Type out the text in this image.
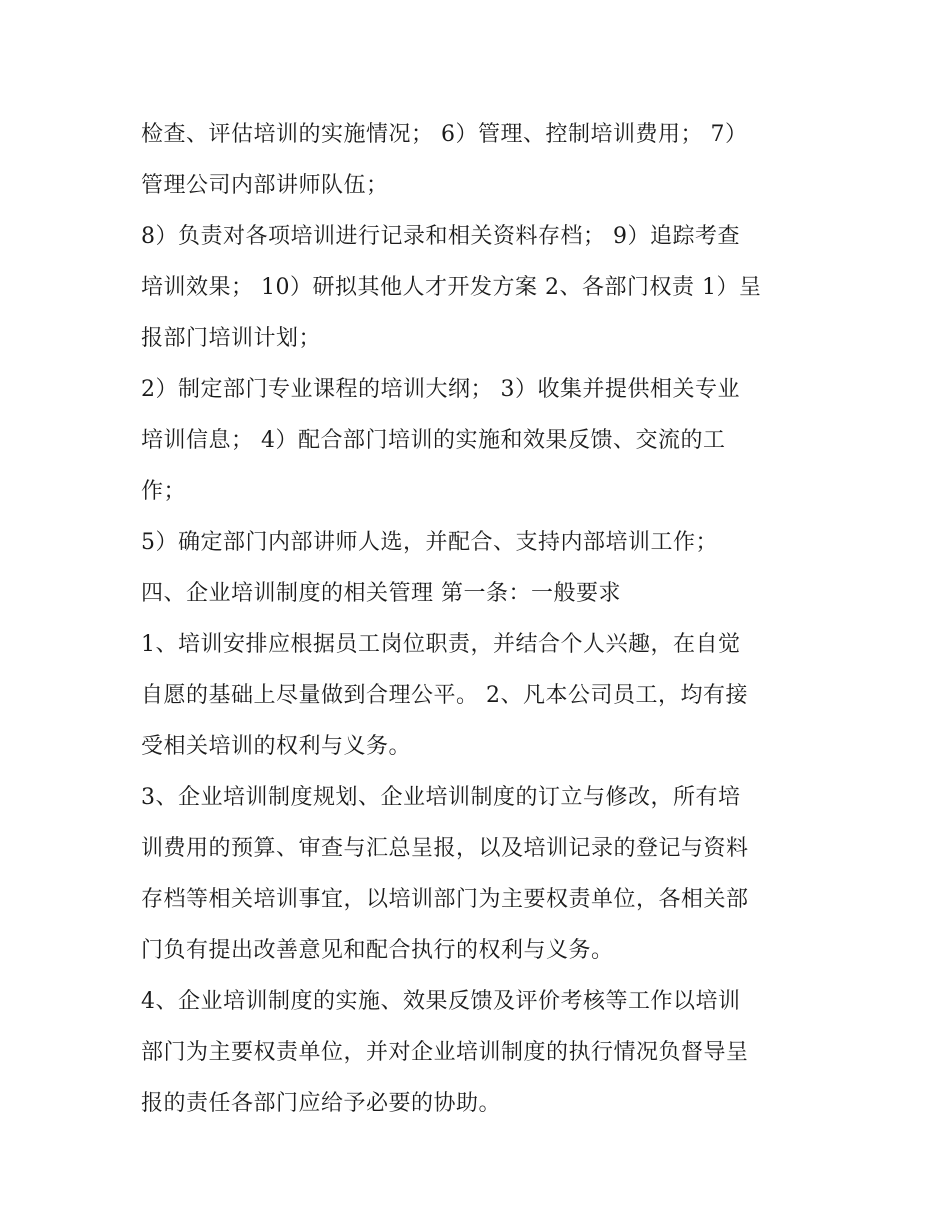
检查、评估培训的实施情况； 6）管理、控制培训费用； 7）
管理公司内部讲师队伍；
8）负责对各项培训进行记录和相关资料存档； 9）追踪考查
培训效果； 10）研拟其他人才开发方案 2、各部门权责 1）呈
报部门培训计划；
2）制定部门专业课程的培训大纲； 3）收集并提供相关专业
培训信息； 4）配合部门培训的实施和效果反馈、交流的工
作；
5）确定部门内部讲师人选，并配合、支持内部培训工作；
四、企业培训制度的相关管理 第一条：一般要求
1、培训安排应根据员工岗位职责，并结合个人兴趣，在自觉
自愿的基础上尽量做到合理公平。 2、凡本公司员工，均有接
受相关培训的权利与义务。
3、企业培训制度规划、企业培训制度的订立与修改，所有培
训费用的预算、审查与汇总呈报，以及培训记录的登记与资料
存档等相关培训事宜，以培训部门为主要权责单位，各相关部
门负有提出改善意见和配合执行的权利与义务。
4、企业培训制度的实施、效果反馈及评价考核等工作以培训
部门为主要权责单位，并对企业培训制度的执行情况负督导呈
报的责任各部门应给予必要的协助。
